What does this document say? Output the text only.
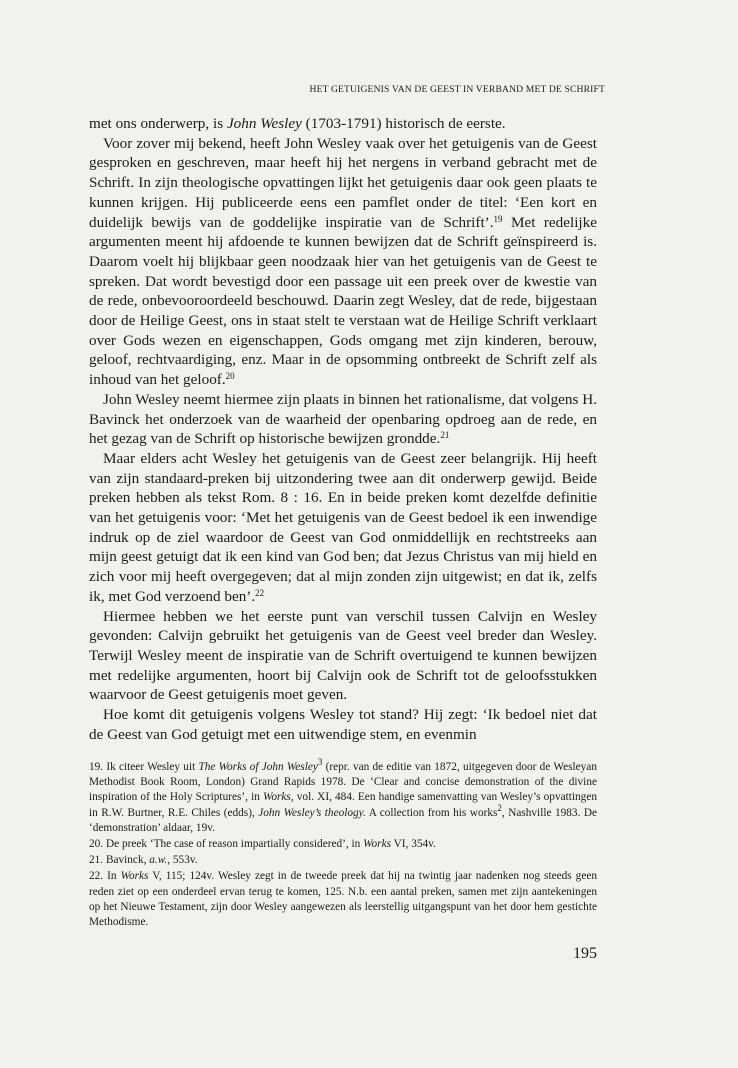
HET GETUIGENIS VAN DE GEEST IN VERBAND MET DE SCHRIFT

met ons onderwerp, is John Wesley (1703-1791) historisch de eerste.

Voor zover mij bekend, heeft John Wesley vaak over het getuigenis van de Geest gesproken en geschreven, maar heeft hij het nergens in verband gebracht met de Schrift. In zijn theologische opvattingen lijkt het getuigenis daar ook geen plaats te kunnen krijgen. Hij publiceerde eens een pamflet onder de titel: ‘Een kort en duidelijk bewijs van de goddelijke inspiratie van de Schrift’.$^{19}$ Met redelijke argumenten meent hij afdoende te kunnen bewijzen dat de Schrift geïnspireerd is. Daarom voelt hij blijkbaar geen noodzaak hier van het getuigenis van de Geest te spreken. Dat wordt bevestigd door een passage uit een preek over de kwestie van de rede, onbevooroordeeld beschouwd. Daarin zegt Wesley, dat de rede, bijgestaan door de Heilige Geest, ons in staat stelt te verstaan wat de Heilige Schrift verklaart over Gods wezen en eigenschappen, Gods omgang met zijn kinderen, berouw, geloof, rechtvaardiging, enz. Maar in de opsomming ontbreekt de Schrift zelf als inhoud van het geloof.$^{20}$

John Wesley neemt hiermee zijn plaats in binnen het rationalisme, dat volgens H. Bavinck het onderzoek van de waarheid der openbaring opdroeg aan de rede, en het gezag van de Schrift op historische bewijzen grondde.$^{21}$

Maar elders acht Wesley het getuigenis van de Geest zeer belangrijk. Hij heeft van zijn standaard-preken bij uitzondering twee aan dit onderwerp gewijd. Beide preken hebben als tekst Rom. 8 : 16. En in beide preken komt dezelfde definitie van het getuigenis voor: ‘Met het getuigenis van de Geest bedoel ik een inwendige indruk op de ziel waardoor de Geest van God onmiddellijk en rechtstreeks aan mijn geest getuigt dat ik een kind van God ben; dat Jezus Christus van mij hield en zich voor mij heeft overgegeven; dat al mijn zonden zijn uitgewist; en dat ik, zelfs ik, met God verzoend ben’.$^{22}$

Hiermee hebben we het eerste punt van verschil tussen Calvijn en Wesley gevonden: Calvijn gebruikt het getuigenis van de Geest veel breder dan Wesley. Terwijl Wesley meent de inspiratie van de Schrift overtuigend te kunnen bewijzen met redelijke argumenten, hoort bij Calvijn ook de Schrift tot de geloofsstukken waarvoor de Geest getuigenis moet geven.

Hoe komt dit getuigenis volgens Wesley tot stand? Hij zegt: ‘Ik bedoel niet dat de Geest van God getuigt met een uitwendige stem, en evenmin

19. Ik citeer Wesley uit The Works of John Wesley$^3$ (repr. van de editie van 1872, uitgegeven door de Wesleyan Methodist Book Room, London) Grand Rapids 1978. De ‘Clear and concise demonstration of the divine inspiration of the Holy Scriptures’, in Works, vol. XI, 484. Een handige samenvatting van Wesley’s opvattingen in R.W. Burtner, R.E. Chiles (edds), John Wesley’s theology. A collection from his works$^2$, Nashville 1983. De ‘demonstration’ aldaar, 19v.

20. De preek ‘The case of reason impartially considered’, in Works VI, 354v.

21. Bavinck, a.w., 553v.

22. In Works V, 115; 124v. Wesley zegt in de tweede preek dat hij na twintig jaar nadenken nog steeds geen reden ziet op een onderdeel ervan terug te komen, 125. N.b. een aantal preken, samen met zijn aantekeningen op het Nieuwe Testament, zijn door Wesley aangewezen als leerstellig uitgangspunt van het door hem gestichte Methodisme.

195
